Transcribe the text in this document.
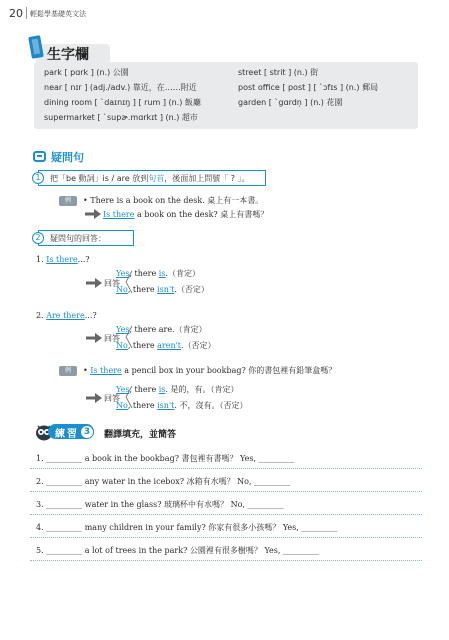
20 輕鬆學基礎英文法
生字欄
park [ pɑrk ] (n.) 公園
near [ nɪr ] (adj./adv.) 靠近，在……附近
dining room [ ˋdaɪnɪŋ ] [ rum ] (n.) 飯廳
supermarket [ ˋsupɚ.mɑrkɪt ] (n.) 超市
street [ strit ] (n.) 街
post office [ post ] [ ˋɔfɪs ] (n.) 郵局
garden [ ˋgɑrdn̩ ] (n.) 花園
疑問句
1	把「be 動詞」is / are 放到句首，後面加上問號「 ? 」。
例	• There is a book on the desk. 桌上有一本書。
Is there a book on the desk? 桌上有書嗎？
2	疑問句的回答：
1. Is there...?
回答
Yes, there is.（肯定）
No, there isn't.（否定）
2. Are there...?
回答
Yes, there are.（肯定）
No, there aren't.（否定）
例	• Is there a pencil box in your bookbag? 你的書包裡有鉛筆盒嗎？
回答
Yes, there is. 是的，有。（肯定）
No, there isn't. 不，沒有。（否定）
練習 3	翻譯填充，並簡答
1. _________ a book in the bookbag? 書包裡有書嗎？ Yes, _________
2. _________ any water in the icebox? 冰箱有水嗎？ No, _________
3. _________ water in the glass? 玻璃杯中有水嗎？ No, _________
4. _________ many children in your family? 你家有很多小孩嗎？ Yes, _________
5. _________ a lot of trees in the park? 公園裡有很多樹嗎？ Yes, _________
